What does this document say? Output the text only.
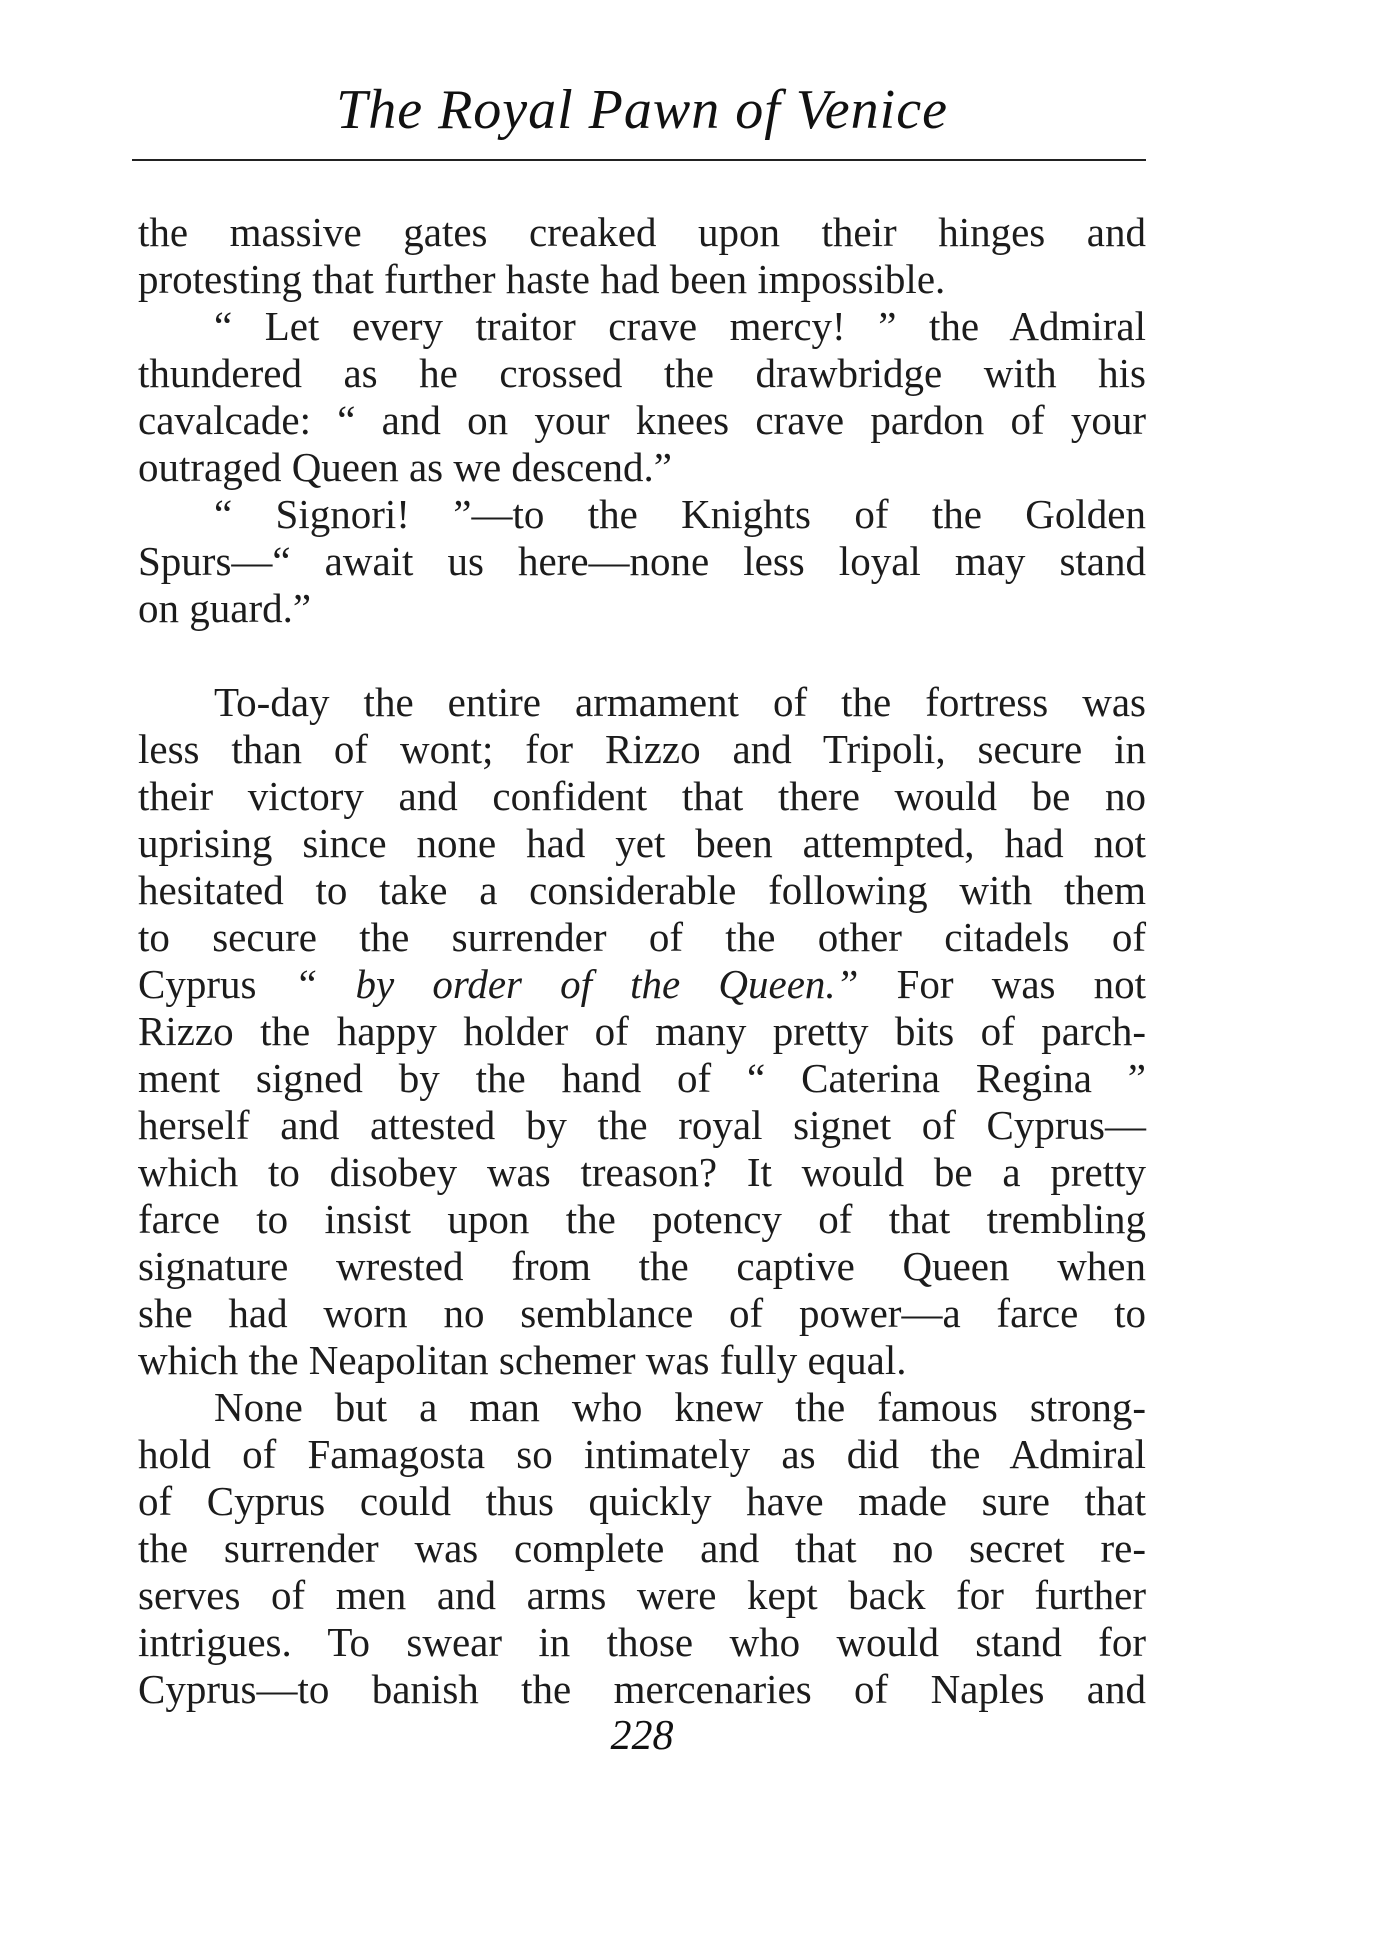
The Royal Pawn of Venice
the massive gates creaked upon their hinges and
protesting that further haste had been impossible.
“ Let every traitor crave mercy! ” the Admiral
thundered as he crossed the drawbridge with his
cavalcade: “ and on your knees crave pardon of your
outraged Queen as we descend.”
“ Signori! ”—to the Knights of the Golden
Spurs—“ await us here—none less loyal may stand
on guard.”
To-day the entire armament of the fortress was
less than of wont; for Rizzo and Tripoli, secure in
their victory and confident that there would be no
uprising since none had yet been attempted, had not
hesitated to take a considerable following with them
to secure the surrender of the other citadels of
Cyprus “ by order of the Queen.” For was not
Rizzo the happy holder of many pretty bits of parch-
ment signed by the hand of “ Caterina Regina ”
herself and attested by the royal signet of Cyprus—
which to disobey was treason? It would be a pretty
farce to insist upon the potency of that trembling
signature wrested from the captive Queen when
she had worn no semblance of power—a farce to
which the Neapolitan schemer was fully equal.
None but a man who knew the famous strong-
hold of Famagosta so intimately as did the Admiral
of Cyprus could thus quickly have made sure that
the surrender was complete and that no secret re-
serves of men and arms were kept back for further
intrigues. To swear in those who would stand for
Cyprus—to banish the mercenaries of Naples and
228
